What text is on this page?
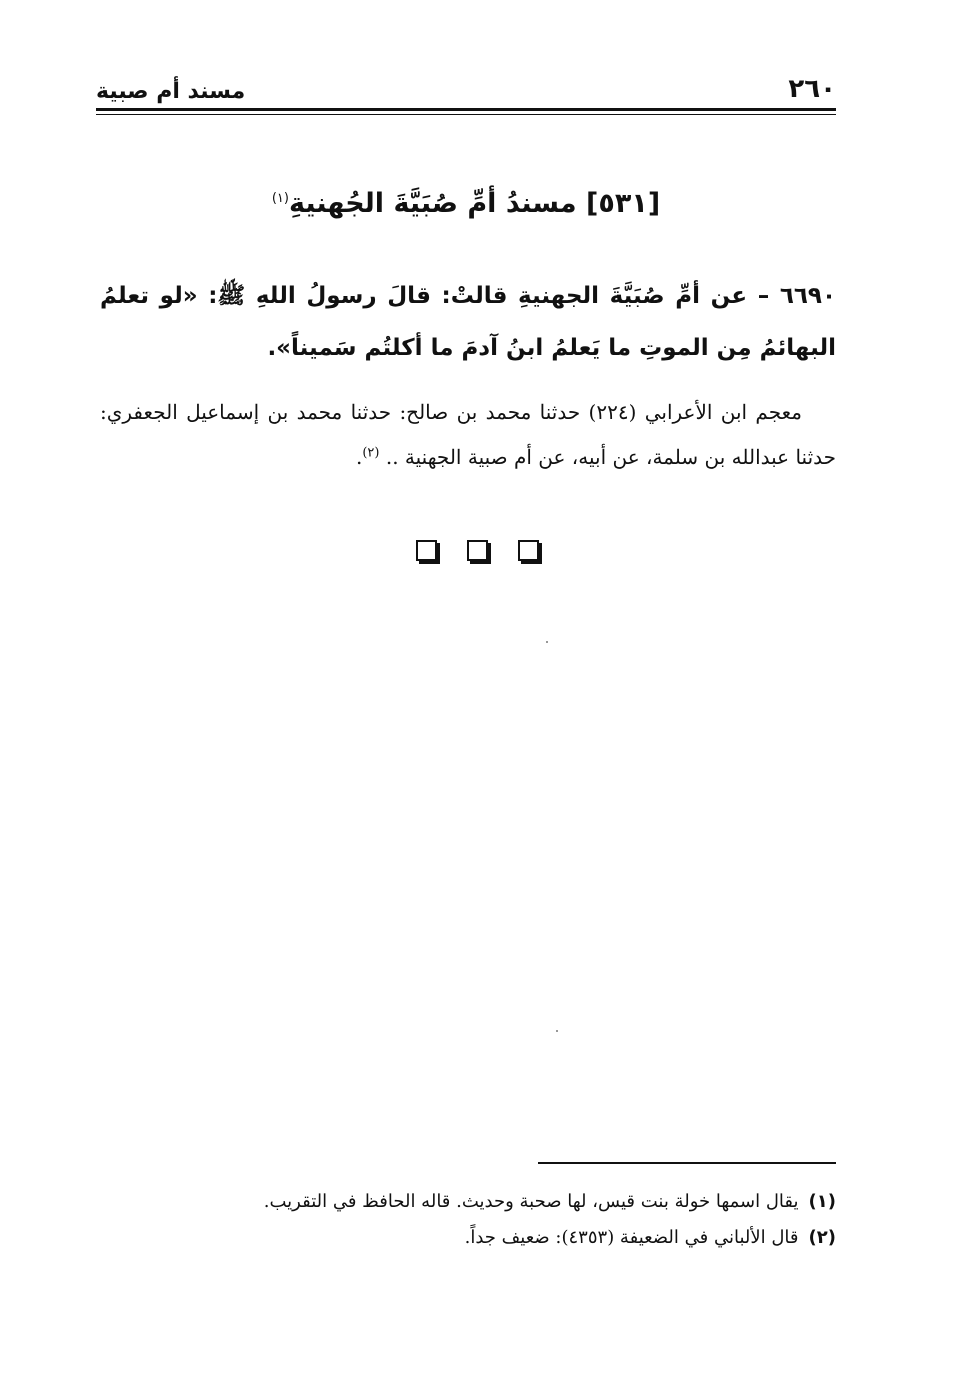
٢٦٠
مسند أم صبية
[٥٣١] مسندُ أمِّ صُبَيَّةَ الجُهنيةِ$^{(١)}$
٦٦٩٠ – عن أمِّ صُبَيَّةَ الجهنيةِ قالتْ: قالَ رسولُ اللهِ ﷺ: «لو تعلمُ البهائمُ مِن الموتِ ما يَعلمُ ابنُ آدمَ ما أكلتُم سَميناً».
معجم ابن الأعرابي (٢٢٤) حدثنا محمد بن صالح: حدثنا محمد بن إسماعيل الجعفري: حدثنا عبدالله بن سلمة، عن أبيه، عن أم صبية الجهنية .. $^{(٢)}$.
(١)
يقال اسمها خولة بنت قيس، لها صحبة وحديث. قاله الحافظ في التقريب.
(٢)
قال الألباني في الضعيفة (٤٣٥٣): ضعيف جداً.
